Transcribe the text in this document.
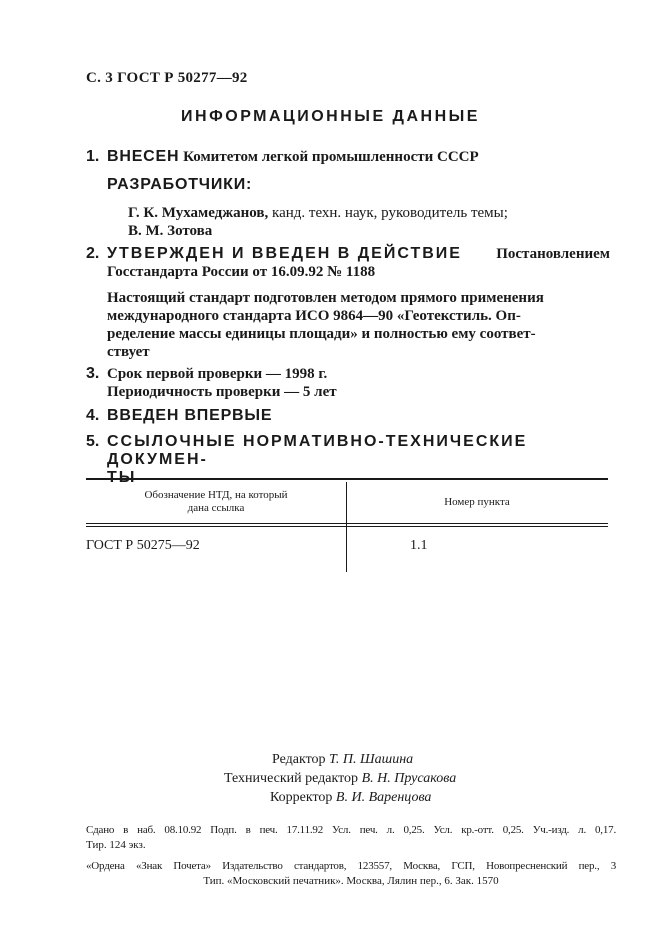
С. 3 ГОСТ Р 50277—92
ИНФОРМАЦИОННЫЕ ДАННЫЕ
1. ВНЕСЕН Комитетом легкой промышленности СССР
РАЗРАБОТЧИКИ:
Г. К. Мухамеджанов, канд. техн. наук, руководитель темы;
В. М. Зотова
2. УТВЕРЖДЕН И ВВЕДЕН В ДЕЙСТВИЕ Постановлением
Госстандарта России от 16.09.92 № 1188
Настоящий стандарт подготовлен методом прямого применения
международного стандарта ИСО 9864—90 «Геотекстиль. Оп-
ределение массы единицы площади» и полностью ему соответ-
ствует
3. Срок первой проверки — 1998 г.
Периодичность проверки — 5 лет
4. ВВЕДЕН ВПЕРВЫЕ
5. ССЫЛОЧНЫЕ НОРМАТИВНО-ТЕХНИЧЕСКИЕ ДОКУМЕН-
ТЫ
Обозначение НТД, на который
дана ссылка	Номер пункта
ГОСТ Р 50275—92	1.1
Редактор Т. П. Шашина
Технический редактор В. Н. Прусакова
Корректор В. И. Варенцова
Сдано в наб. 08.10.92 Подп. в печ. 17.11.92 Усл. печ. л. 0,25. Усл. кр.-отт. 0,25. Уч.-изд. л. 0,17.
Тир. 124 экз.
«Ордена «Знак Почета» Издательство стандартов, 123557, Москва, ГСП, Новопресненский пер., 3
Тип. «Московский печатник». Москва, Лялин пер., 6. Зак. 1570
